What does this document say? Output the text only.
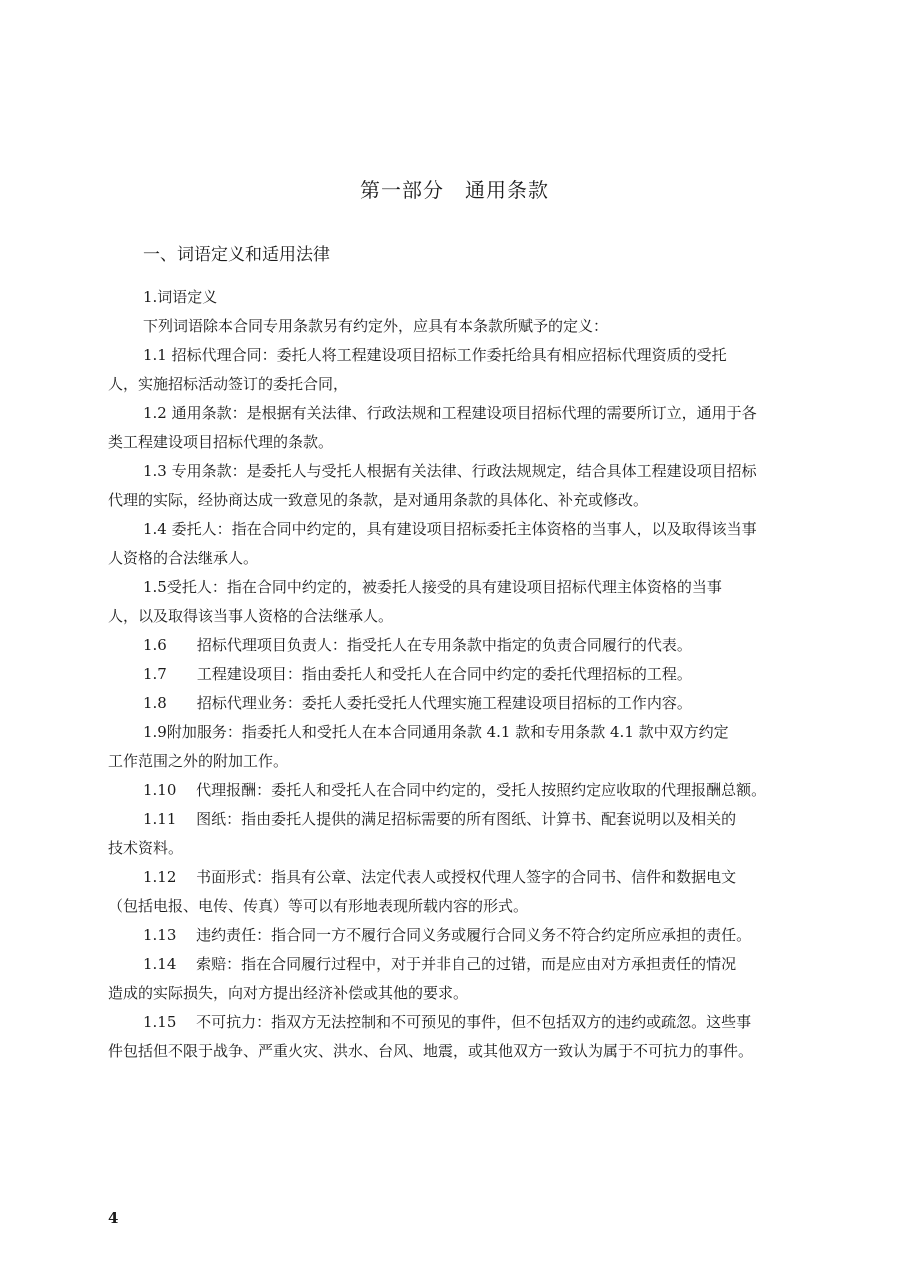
第一部分　通用条款
一、词语定义和适用法律
1.词语定义
下列词语除本合同专用条款另有约定外，应具有本条款所赋予的定义：
1.1 招标代理合同：委托人将工程建设项目招标工作委托给具有相应招标代理资质的受托
人，实施招标活动签订的委托合同，
1.2 通用条款：是根据有关法律、行政法规和工程建设项目招标代理的需要所订立，通用于各
类工程建设项目招标代理的条款。
1.3 专用条款：是委托人与受托人根据有关法律、行政法规规定，结合具体工程建设项目招标
代理的实际，经协商达成一致意见的条款，是对通用条款的具体化、补充或修改。
1.4 委托人：指在合同中约定的，具有建设项目招标委托主体资格的当事人，以及取得该当事
人资格的合法继承人。
1.5受托人：指在合同中约定的，被委托人接受的具有建设项目招标代理主体资格的当事
人，以及取得该当事人资格的合法继承人。
1.6　　招标代理项目负责人：指受托人在专用条款中指定的负责合同履行的代表。
1.7　　工程建设项目：指由委托人和受托人在合同中约定的委托代理招标的工程。
1.8　　招标代理业务：委托人委托受托人代理实施工程建设项目招标的工作内容。
1.9附加服务：指委托人和受托人在本合同通用条款 4.1 款和专用条款 4.1 款中双方约定
工作范围之外的附加工作。
1.10　 代理报酬：委托人和受托人在合同中约定的，受托人按照约定应收取的代理报酬总额。
1.11　 图纸：指由委托人提供的满足招标需要的所有图纸、计算书、配套说明以及相关的
技术资料。
1.12　 书面形式：指具有公章、法定代表人或授权代理人签字的合同书、信件和数据电文
（包括电报、电传、传真）等可以有形地表现所载内容的形式。
1.13　 违约责任：指合同一方不履行合同义务或履行合同义务不符合约定所应承担的责任。
1.14　 索赔：指在合同履行过程中，对于并非自己的过错，而是应由对方承担责任的情况
造成的实际损失，向对方提出经济补偿或其他的要求。
1.15　 不可抗力：指双方无法控制和不可预见的事件，但不包括双方的违约或疏忽。这些事
件包括但不限于战争、严重火灾、洪水、台风、地震，或其他双方一致认为属于不可抗力的事件。
4
